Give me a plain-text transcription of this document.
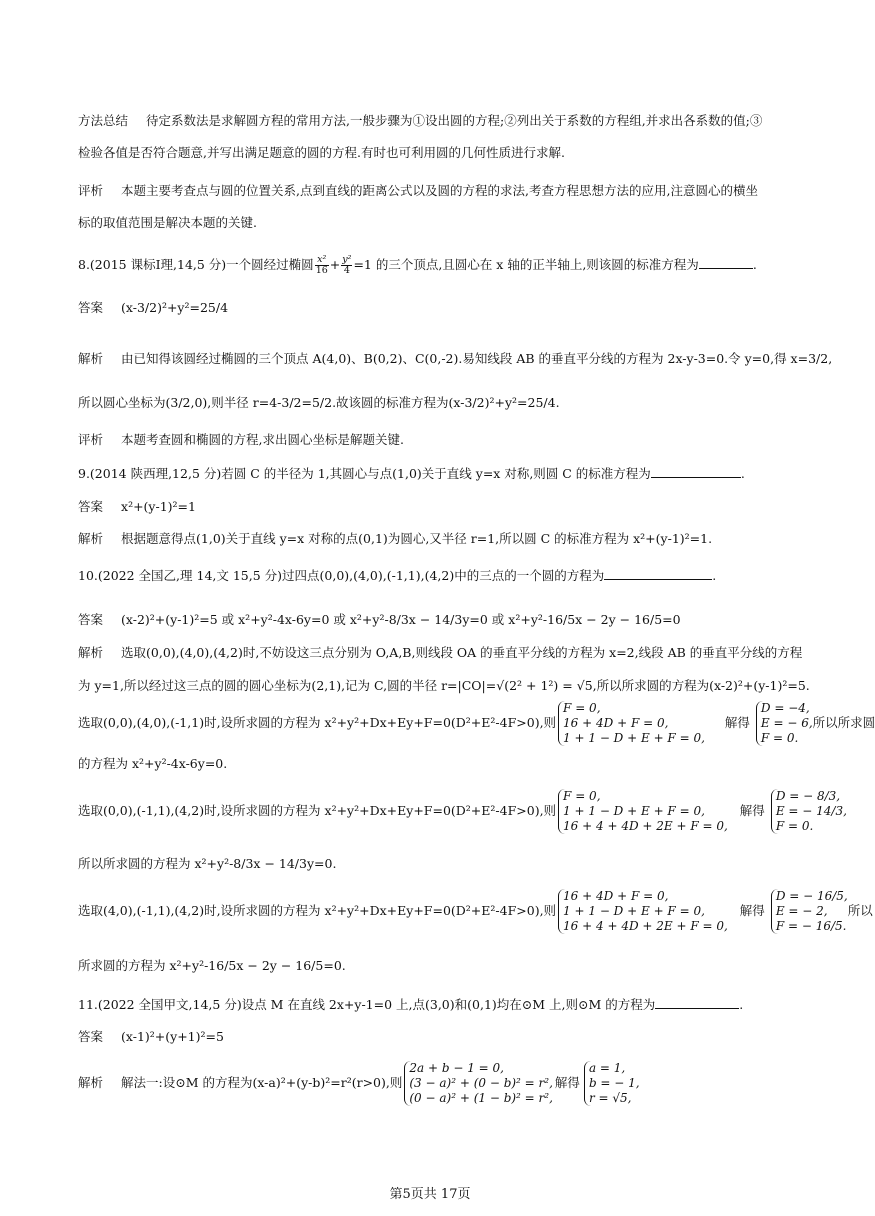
方法总结 待定系数法是求解圆方程的常用方法,一般步骤为①设出圆的方程;②列出关于系数的方程组,并求出各系数的值;③
检验各值是否符合题意,并写出满足题意的圆的方程.有时也可利用圆的几何性质进行求解.
评析 本题主要考查点与圆的位置关系,点到直线的距离公式以及圆的方程的求法,考查方程思想方法的应用,注意圆心的横坐
标的取值范围是解决本题的关键.
8.(2015 课标Ⅰ理,14,5 分)一个圆经过椭圆 $\frac{\text{x²}}{16} + \frac{\text{y²}}{4} =1$ 的三个顶点,且圆心在 x 轴的正半轴上,则该圆的标准方程为	.
答案 (x-3/2)²+y²=25/4
解析 由已知得该圆经过椭圆的三个顶点 A(4,0)、B(0,2)、C(0,-2).易知线段 AB 的垂直平分线的方程为 2x-y-3=0.令 y=0,得 x=3/2,
所以圆心坐标为(3/2,0),则半径 r=4-3/2=5/2.故该圆的标准方程为(x-3/2)²+y²=25/4.
评析 本题考查圆和椭圆的方程,求出圆心坐标是解题关键.
9.(2014 陕西理,12,5 分)若圆 C 的半径为 1,其圆心与点(1,0)关于直线 y=x 对称,则圆 C 的标准方程为	.
答案 x²+(y-1)²=1
解析 根据题意得点(1,0)关于直线 y=x 对称的点(0,1)为圆心,又半径 r=1,所以圆 C 的标准方程为 x²+(y-1)²=1.
10.(2022 全国乙,理 14,文 15,5 分)过四点(0,0),(4,0),(-1,1),(4,2)中的三点的一个圆的方程为	.
答案 (x-2)²+(y-1)²=5 或 x²+y²-4x-6y=0 或 x²+y²-8/3x − 14/3y=0 或 x²+y²-16/5x − 2y − 16/5=0
解析 选取(0,0),(4,0),(4,2)时,不妨设这三点分别为 O,A,B,则线段 OA 的垂直平分线的方程为 x=2,线段 AB 的垂直平分线的方程
为 y=1,所以经过这三点的圆的圆心坐标为(2,1),记为 C,圆的半径 r=|CO|=√(2² + 1²) = √5,所以所求圆的方程为(x-2)²+(y-1)²=5.
选取(0,0),(4,0),(-1,1)时,设所求圆的方程为 x²+y²+Dx+Ey+F=0(D²+E²-4F>0),则
F = 0,
16 + 4D + F = 0,
1 + 1 − D + E + F = 0,
解得
D = −4,
E = − 6,
F = 0.
所以所求圆
的方程为 x²+y²-4x-6y=0.
选取(0,0),(-1,1),(4,2)时,设所求圆的方程为 x²+y²+Dx+Ey+F=0(D²+E²-4F>0),则
F = 0,
1 + 1 − D + E + F = 0,
16 + 4 + 4D + 2E + F = 0,
解得
D = − 8/3,
E = − 14/3,
F = 0.
所以所求圆的方程为 x²+y²-8/3x − 14/3y=0.
选取(4,0),(-1,1),(4,2)时,设所求圆的方程为 x²+y²+Dx+Ey+F=0(D²+E²-4F>0),则
16 + 4D + F = 0,
1 + 1 − D + E + F = 0,
16 + 4 + 4D + 2E + F = 0,
解得
D = − 16/5,
E = − 2,
F = − 16/5.
所以
所求圆的方程为 x²+y²-16/5x − 2y − 16/5=0.
11.(2022 全国甲文,14,5 分)设点 M 在直线 2x+y-1=0 上,点(3,0)和(0,1)均在⊙M 上,则⊙M 的方程为	.
答案 (x-1)²+(y+1)²=5
解析 解法一:设⊙M 的方程为(x-a)²+(y-b)²=r²(r>0),则
2a + b − 1 = 0,
(3 − a)² + (0 − b)² = r²,
(0 − a)² + (1 − b)² = r²,
解得
a = 1,
b = − 1,
r = √5,
第5页共 17页
